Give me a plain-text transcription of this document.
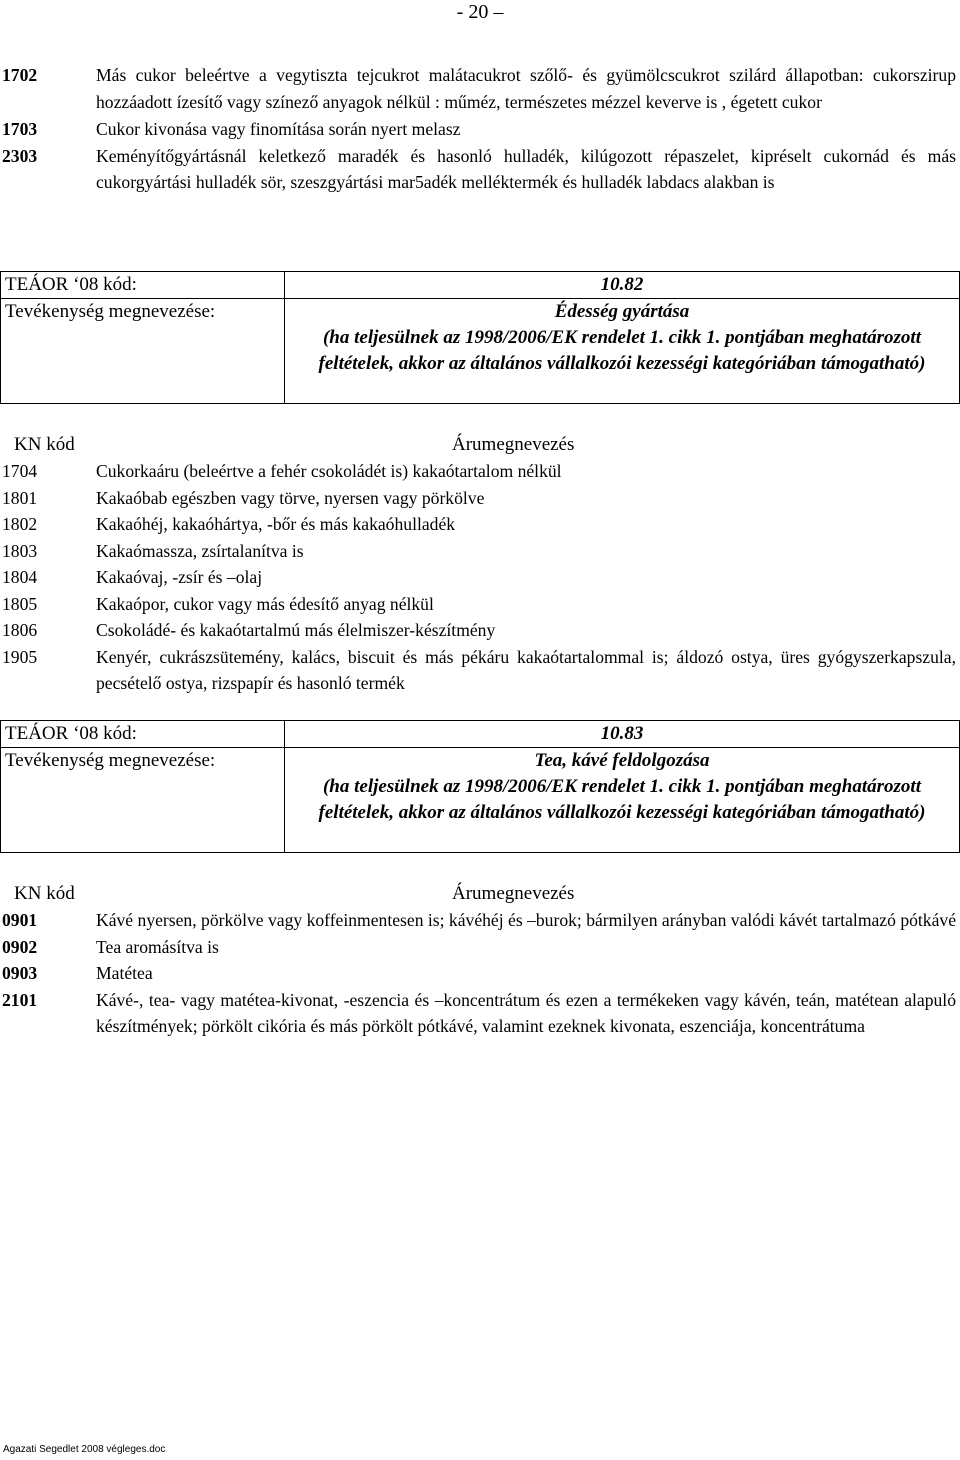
- 20 –
1702	Más cukor beleértve a vegytiszta tejcukrot malátacukrot szőlő- és gyümölcscukrot szilárd állapotban: cukorszirup hozzáadott ízesítő vagy színező anyagok nélkül : műméz, természetes mézzel keverve is , égetett cukor
1703	Cukor kivonása vagy finomítása során nyert melasz
2303	Keményítőgyártásnál keletkező maradék és hasonló hulladék, kilúgozott répaszelet, kipréselt cukornád és más cukorgyártási hulladék sör, szeszgyártási mar5adék melléktermék és hulladék labdacs alakban is
TEÁOR ‘08 kód:	10.82
Tevékenység megnevezése:	Édesség gyártása
(ha teljesülnek az 1998/2006/EK rendelet 1. cikk 1. pontjában meghatározott feltételek, akkor az általános vállalkozói kezességi kategóriában támogatható)
KN kód	Árumegnevezés
1704	Cukorkaáru (beleértve a fehér csokoládét is) kakaótartalom nélkül
1801	Kakaóbab egészben vagy törve, nyersen vagy pörkölve
1802	Kakaóhéj, kakaóhártya, -bőr és más kakaóhulladék
1803	Kakaómassza, zsírtalanítva is
1804	Kakaóvaj, -zsír és –olaj
1805	Kakaópor, cukor vagy más édesítő anyag nélkül
1806	Csokoládé- és kakaótartalmú más élelmiszer-készítmény
1905	Kenyér, cukrászsütemény, kalács, biscuit és más pékáru kakaótartalommal is; áldozó ostya, üres gyógyszerkapszula, pecsételő ostya, rizspapír és hasonló termék
TEÁOR ‘08 kód:	10.83
Tevékenység megnevezése:	Tea, kávé feldolgozása
(ha teljesülnek az 1998/2006/EK rendelet 1. cikk 1. pontjában meghatározott feltételek, akkor az általános vállalkozói kezességi kategóriában támogatható)
KN kód	Árumegnevezés
0901	Kávé nyersen, pörkölve vagy koffeinmentesen is; kávéhéj és –burok; bármilyen arányban valódi kávét tartalmazó pótkávé
0902	Tea aromásítva is
0903	Matétea
2101	Kávé-, tea- vagy matétea-kivonat, -eszencia és –koncentrátum és ezen a termékeken vagy kávén, teán, matétean alapuló készítmények; pörkölt cikória és más pörkölt pótkávé, valamint ezeknek kivonata, eszenciája, koncentrátuma
Agazati Segedlet 2008 végleges.doc
